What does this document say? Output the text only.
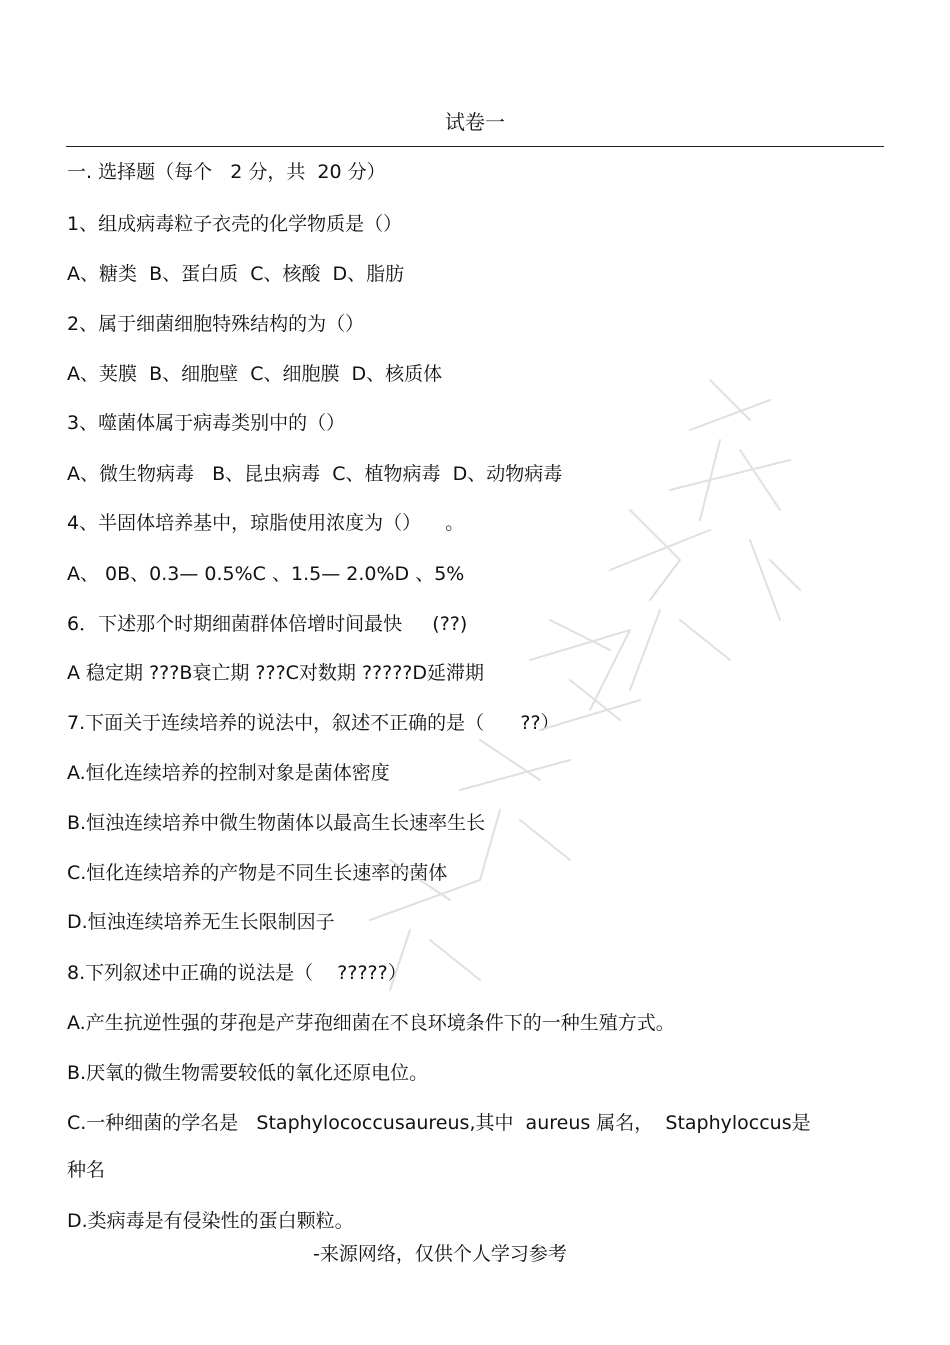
试卷一
一. 选择题（每个   2 分，共  20 分）
1、组成病毒粒子衣壳的化学物质是（）
A、糖类  B、蛋白质  C、核酸  D、脂肪
2、属于细菌细胞特殊结构的为（）
A、荚膜  B、细胞壁  C、细胞膜  D、核质体
3、噬菌体属于病毒类别中的（）
A、微生物病毒   B、昆虫病毒  C、植物病毒  D、动物病毒
4、半固体培养基中，琼脂使用浓度为（）    。
A、 0B、0.3— 0.5%C 、1.5— 2.0%D 、5%
6．下述那个时期细菌群体倍增时间最快     (??)
A 稳定期 ???B衰亡期 ???C对数期 ?????D延滞期
7.下面关于连续培养的说法中，叙述不正确的是（      ??）
A.恒化连续培养的控制对象是菌体密度
B.恒浊连续培养中微生物菌体以最高生长速率生长
C.恒化连续培养的产物是不同生长速率的菌体
D.恒浊连续培养无生长限制因子
8.下列叙述中正确的说法是（    ?????）
A.产生抗逆性强的芽孢是产芽孢细菌在不良环境条件下的一种生殖方式。
B.厌氧的微生物需要较低的氧化还原电位。
C.一种细菌的学名是   Staphylococcusaureus,其中  aureus 属名，  Staphyloccus是
种名
D.类病毒是有侵染性的蛋白颗粒。
-来源网络，仅供个人学习参考
